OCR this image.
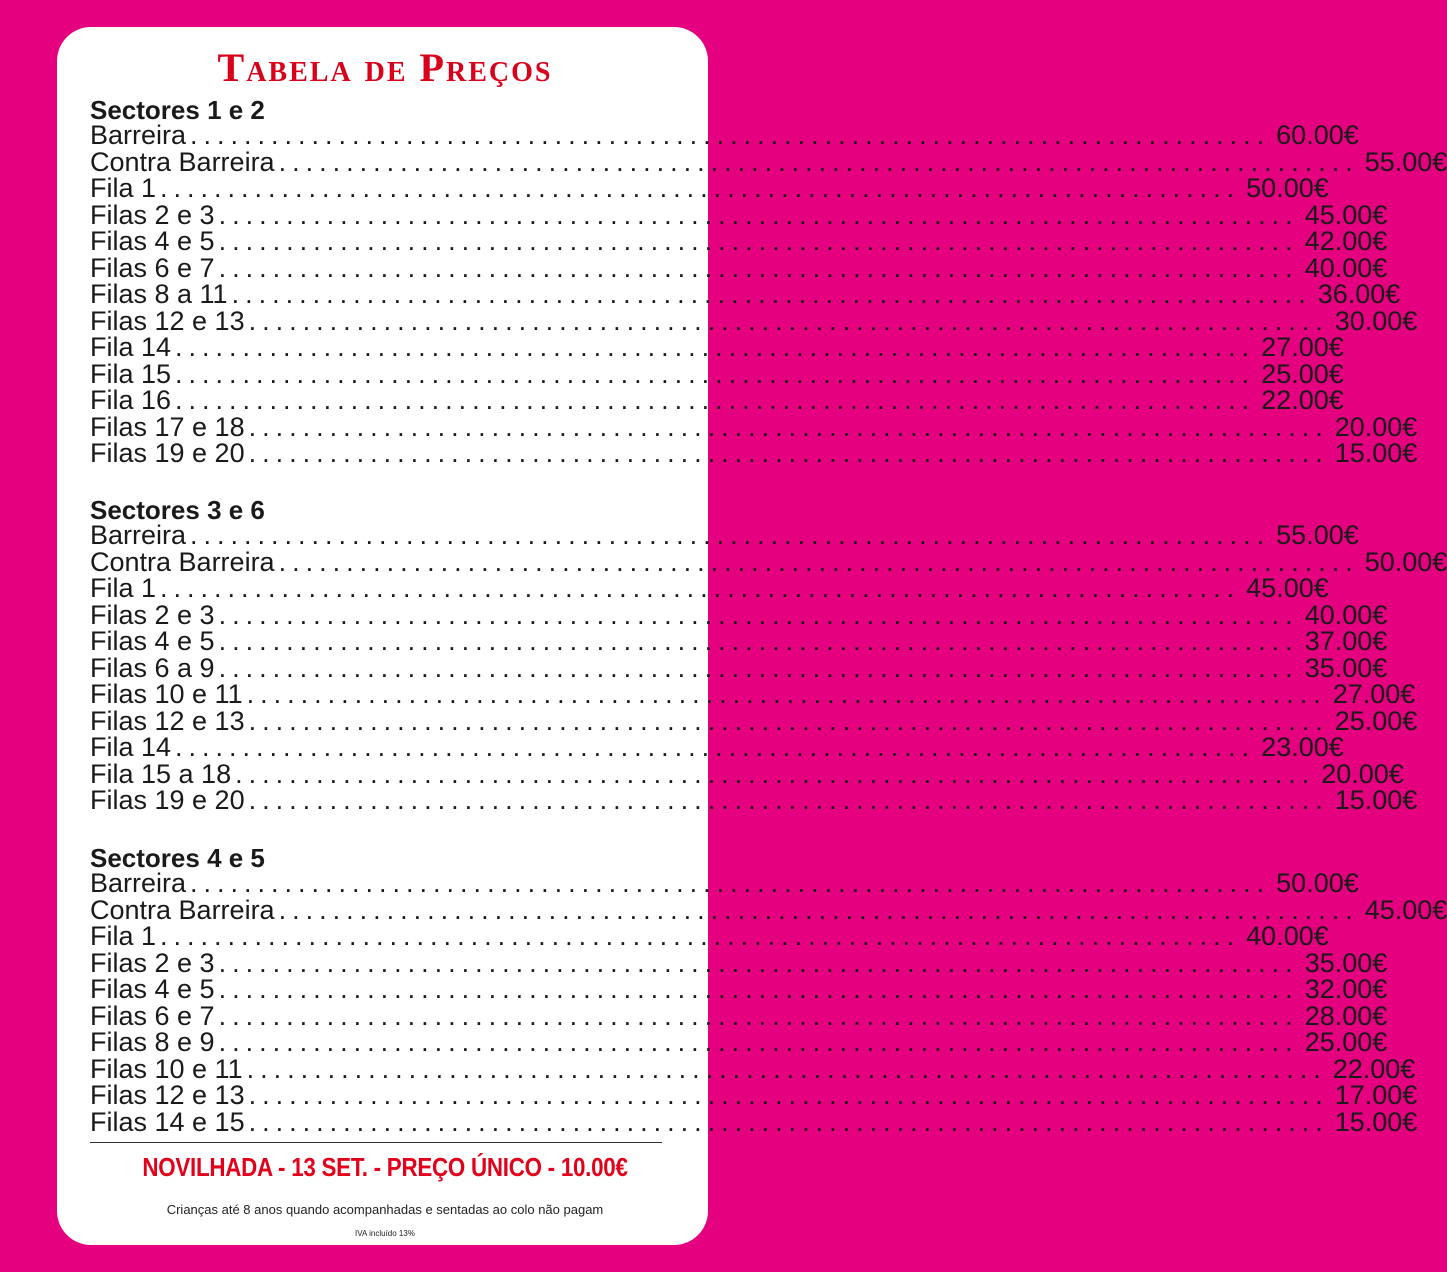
Tabela de Preços
Sectores 1 e 2
Barreira ................................................................................ 60.00€
Contra Barreira ................................................................................ 55.00€
Fila 1 ................................................................................ 50.00€
Filas 2 e 3 ................................................................................ 45.00€
Filas 4 e 5 ................................................................................ 42.00€
Filas 6 e 7 ................................................................................ 40.00€
Filas 8 a 11 ................................................................................ 36.00€
Filas 12 e 13 ................................................................................ 30.00€
Fila 14 ................................................................................ 27.00€
Fila 15 ................................................................................ 25.00€
Fila 16 ................................................................................ 22.00€
Filas 17 e 18 ................................................................................ 20.00€
Filas 19 e 20 ................................................................................ 15.00€
Sectores 3 e 6
Barreira ................................................................................ 55.00€
Contra Barreira ................................................................................ 50.00€
Fila 1 ................................................................................ 45.00€
Filas 2 e 3 ................................................................................ 40.00€
Filas 4 e 5 ................................................................................ 37.00€
Filas 6 a 9 ................................................................................ 35.00€
Filas 10 e 11 ................................................................................ 27.00€
Filas 12 e 13 ................................................................................ 25.00€
Fila 14 ................................................................................ 23.00€
Fila 15 a 18 ................................................................................ 20.00€
Filas 19 e 20 ................................................................................ 15.00€
Sectores 4 e 5
Barreira ................................................................................ 50.00€
Contra Barreira ................................................................................ 45.00€
Fila 1 ................................................................................ 40.00€
Filas 2 e 3 ................................................................................ 35.00€
Filas 4 e 5 ................................................................................ 32.00€
Filas 6 e 7 ................................................................................ 28.00€
Filas 8 e 9 ................................................................................ 25.00€
Filas 10 e 11 ................................................................................ 22.00€
Filas 12 e 13 ................................................................................ 17.00€
Filas 14 e 15 ................................................................................ 15.00€
NOVILHADA - 13 SET. - PREÇO ÚNICO - 10.00€
Crianças até 8 anos quando acompanhadas e sentadas ao colo não pagam
IVA incluído 13%
